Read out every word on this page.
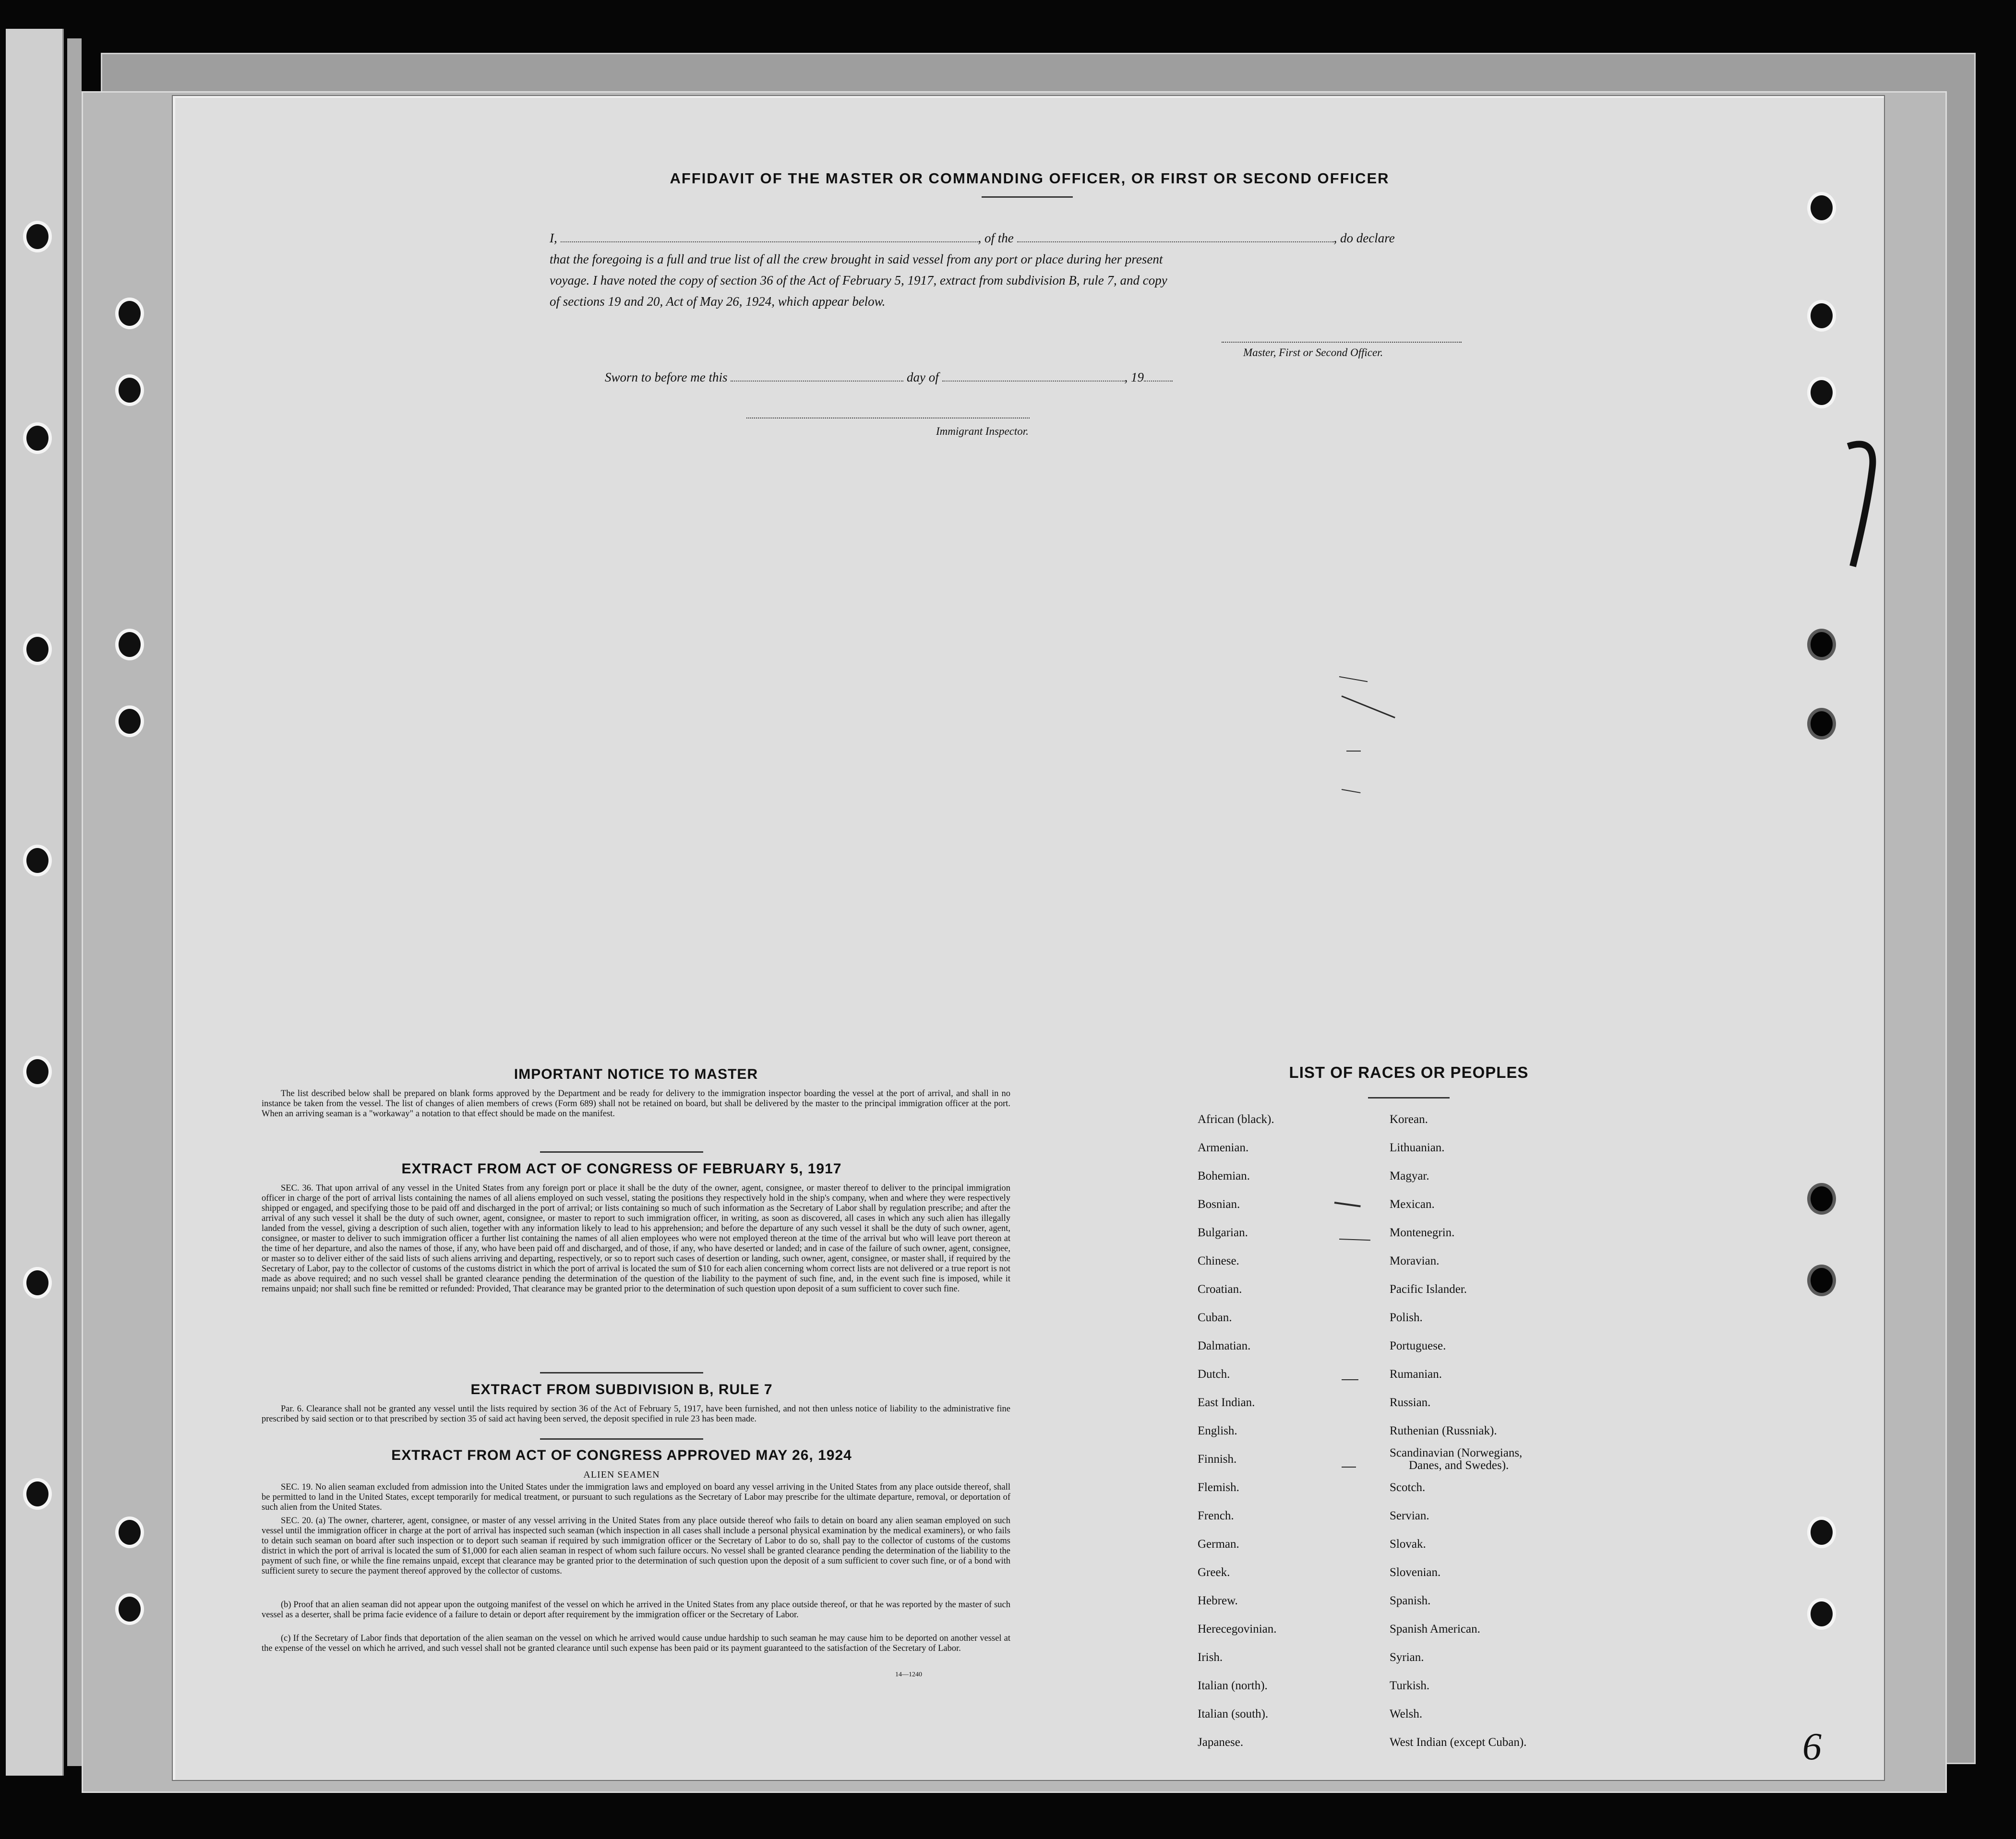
AFFIDAVIT OF THE MASTER OR COMMANDING OFFICER, OR FIRST OR SECOND OFFICER
I,	, of the	, do declare
that the foregoing is a full and true list of all the crew brought in said vessel from any port or place during her present
voyage. I have noted the copy of section 36 of the Act of February 5, 1917, extract from subdivision B, rule 7, and copy
of sections 19 and 20, Act of May 26, 1924, which appear below.
Master, First or Second Officer.
Sworn to before me this	day of	, 19
Immigrant Inspector.
IMPORTANT NOTICE TO MASTER
The list described below shall be prepared on blank forms approved by the Department and be ready for delivery to the immigration inspector boarding the vessel at the port of arrival, and shall in no instance be taken from the vessel. The list of changes of alien members of crews (Form 689) shall not be retained on board, but shall be delivered by the master to the principal immigration officer at the port. When an arriving seaman is a "workaway" a notation to that effect should be made on the manifest.
EXTRACT FROM ACT OF CONGRESS OF FEBRUARY 5, 1917
SEC. 36. That upon arrival of any vessel in the United States from any foreign port or place it shall be the duty of the owner, agent, consignee, or master thereof to deliver to the principal immigration officer in charge of the port of arrival lists containing the names of all aliens employed on such vessel, stating the positions they respectively hold in the ship's company, when and where they were respectively shipped or engaged, and specifying those to be paid off and discharged in the port of arrival; or lists containing so much of such information as the Secretary of Labor shall by regulation prescribe; and after the arrival of any such vessel it shall be the duty of such owner, agent, consignee, or master to report to such immigration officer, in writing, as soon as discovered, all cases in which any such alien has illegally landed from the vessel, giving a description of such alien, together with any information likely to lead to his apprehension; and before the departure of any such vessel it shall be the duty of such owner, agent, consignee, or master to deliver to such immigration officer a further list containing the names of all alien employees who were not employed thereon at the time of the arrival but who will leave port thereon at the time of her departure, and also the names of those, if any, who have been paid off and discharged, and of those, if any, who have deserted or landed; and in case of the failure of such owner, agent, consignee, or master so to deliver either of the said lists of such aliens arriving and departing, respectively, or so to report such cases of desertion or landing, such owner, agent, consignee, or master shall, if required by the Secretary of Labor, pay to the collector of customs of the customs district in which the port of arrival is located the sum of $10 for each alien concerning whom correct lists are not delivered or a true report is not made as above required; and no such vessel shall be granted clearance pending the determination of the question of the liability to the payment of such fine, and, in the event such fine is imposed, while it remains unpaid; nor shall such fine be remitted or refunded: Provided, That clearance may be granted prior to the determination of such question upon deposit of a sum sufficient to cover such fine.
EXTRACT FROM SUBDIVISION B, RULE 7
Par. 6. Clearance shall not be granted any vessel until the lists required by section 36 of the Act of February 5, 1917, have been furnished, and not then unless notice of liability to the administrative fine prescribed by said section or to that prescribed by section 35 of said act having been served, the deposit specified in rule 23 has been made.
EXTRACT FROM ACT OF CONGRESS APPROVED MAY 26, 1924
ALIEN SEAMEN
SEC. 19. No alien seaman excluded from admission into the United States under the immigration laws and employed on board any vessel arriving in the United States from any place outside thereof, shall be permitted to land in the United States, except temporarily for medical treatment, or pursuant to such regulations as the Secretary of Labor may prescribe for the ultimate departure, removal, or deportation of such alien from the United States.
SEC. 20. (a) The owner, charterer, agent, consignee, or master of any vessel arriving in the United States from any place outside thereof who fails to detain on board any alien seaman employed on such vessel until the immigration officer in charge at the port of arrival has inspected such seaman (which inspection in all cases shall include a personal physical examination by the medical examiners), or who fails to detain such seaman on board after such inspection or to deport such seaman if required by such immigration officer or the Secretary of Labor to do so, shall pay to the collector of customs of the customs district in which the port of arrival is located the sum of $1,000 for each alien seaman in respect of whom such failure occurs. No vessel shall be granted clearance pending the determination of the liability to the payment of such fine, or while the fine remains unpaid, except that clearance may be granted prior to the determination of such question upon the deposit of a sum sufficient to cover such fine, or of a bond with sufficient surety to secure the payment thereof approved by the collector of customs.
(b) Proof that an alien seaman did not appear upon the outgoing manifest of the vessel on which he arrived in the United States from any place outside thereof, or that he was reported by the master of such vessel as a deserter, shall be prima facie evidence of a failure to detain or deport after requirement by the immigration officer or the Secretary of Labor.
(c) If the Secretary of Labor finds that deportation of the alien seaman on the vessel on which he arrived would cause undue hardship to such seaman he may cause him to be deported on another vessel at the expense of the vessel on which he arrived, and such vessel shall not be granted clearance until such expense has been paid or its payment guaranteed to the satisfaction of the Secretary of Labor.
14—1240
LIST OF RACES OR PEOPLES
African (black).
Armenian.
Bohemian.
Bosnian.
Bulgarian.
Chinese.
Croatian.
Cuban.
Dalmatian.
Dutch.
East Indian.
English.
Finnish.
Flemish.
French.
German.
Greek.
Hebrew.
Herecegovinian.
Irish.
Italian (north).
Italian (south).
Japanese.
Korean.
Lithuanian.
Magyar.
Mexican.
Montenegrin.
Moravian.
Pacific Islander.
Polish.
Portuguese.
Rumanian.
Russian.
Ruthenian (Russniak).
Scandinavian (Norwegians,
Danes, and Swedes).
Scotch.
Servian.
Slovak.
Slovenian.
Spanish.
Spanish American.
Syrian.
Turkish.
Welsh.
West Indian (except Cuban).	6
